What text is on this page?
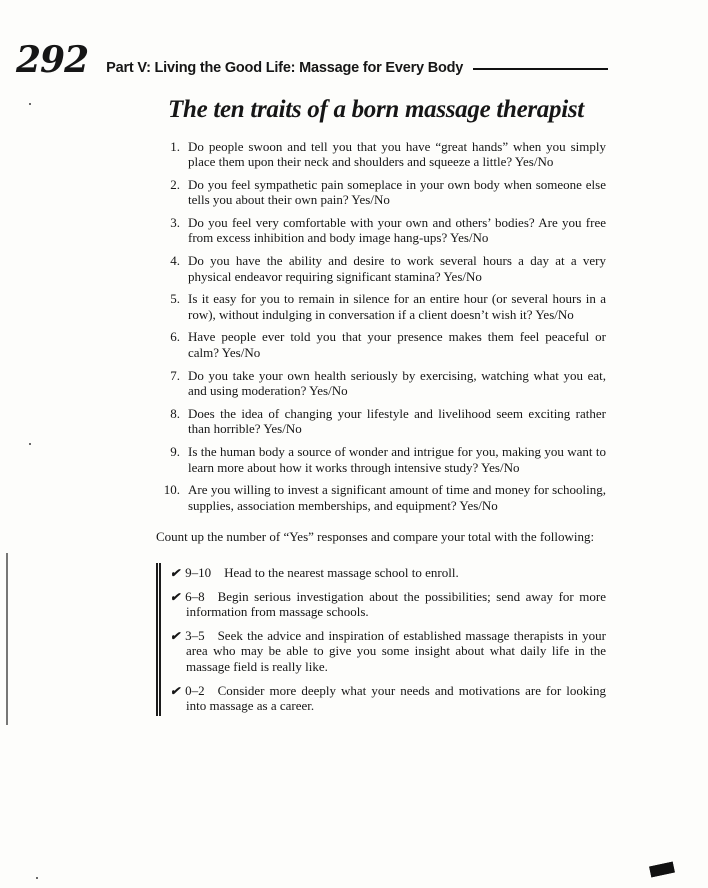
292 Part V: Living the Good Life: Massage for Every Body
The ten traits of a born massage therapist
1. Do people swoon and tell you that you have “great hands” when you simply place them upon their neck and shoulders and squeeze a little? Yes/No
2. Do you feel sympathetic pain someplace in your own body when someone else tells you about their own pain? Yes/No
3. Do you feel very comfortable with your own and others’ bodies? Are you free from excess inhibition and body image hang-ups? Yes/No
4. Do you have the ability and desire to work several hours a day at a very physical endeavor requiring significant stamina? Yes/No
5. Is it easy for you to remain in silence for an entire hour (or several hours in a row), without indulging in conversation if a client doesn’t wish it? Yes/No
6. Have people ever told you that your presence makes them feel peaceful or calm? Yes/No
7. Do you take your own health seriously by exercising, watching what you eat, and using moderation? Yes/No
8. Does the idea of changing your lifestyle and livelihood seem exciting rather than horrible? Yes/No
9. Is the human body a source of wonder and intrigue for you, making you want to learn more about how it works through intensive study? Yes/No
10. Are you willing to invest a significant amount of time and money for schooling, supplies, association memberships, and equipment? Yes/No

Count up the number of “Yes” responses and compare your total with the following:

✔ 9–10 Head to the nearest massage school to enroll.
✔ 6–8 Begin serious investigation about the possibilities; send away for more information from massage schools.
✔ 3–5 Seek the advice and inspiration of established massage therapists in your area who may be able to give you some insight about what daily life in the massage field is really like.
✔ 0–2 Consider more deeply what your needs and motivations are for looking into massage as a career.
